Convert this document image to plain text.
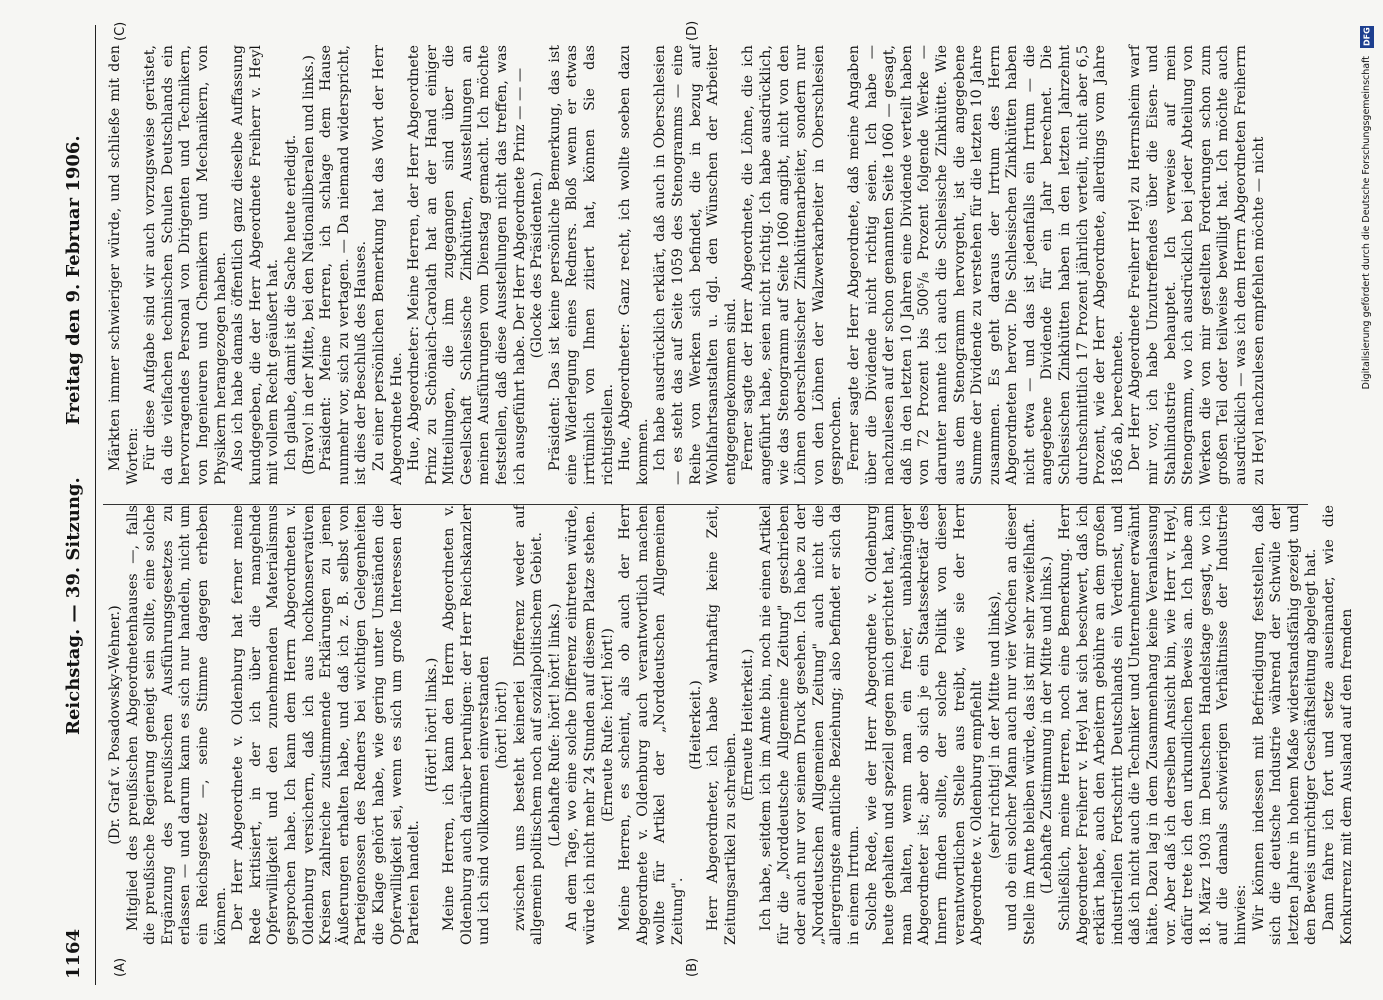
1164
Reichstag. — 39. Sitzung.
Freitag den 9. Februar 1906.
(A)	(B)
(C)	(D)

(Dr. Graf v. Posadowsky-Wehner.) Mitglied des preußischen Abgeordnetenhauses —, falls die preußische Regierung geneigt sein sollte, eine solche Ergänzung des preußischen Ausführungsgesetzes zu erlassen — und darum kann es sich nur handeln, nicht um ein Reichsgesetz —, seine Stimme dagegen erheben können. Der Herr Abgeordnete v. Oldenburg hat ferner meine Rede kritisiert, in der ich über die mangelnde Opferwilligkeit und den zunehmenden Materialismus gesprochen habe. Ich kann dem Herrn Abgeordneten v. Oldenburg versichern, daß ich aus hochkonservativen Kreisen zahlreiche zustimmende Erklärungen zu jenen Äußerungen erhalten habe, und daß ich z. B. selbst von Parteigenossen des Redners bei wichtigen Gelegenheiten die Klage gehört habe, wie gering unter Umständen die Opferwilligkeit sei, wenn es sich um große Interessen der Parteien handelt.

(Hört! hört! links.) Meine Herren, ich kann den Herrn Abgeordneten v. Oldenburg auch darüber beruhigen: der Herr Reichskanzler und ich sind vollkommen einverstanden (hört! hört!) zwischen uns besteht keinerlei Differenz weder auf allgemein politischem noch auf sozialpolitischem Gebiet. (Lebhafte Rufe: hört! hört! links.) An dem Tage, wo eine solche Differenz eintreten würde, würde ich nicht mehr 24 Stunden auf diesem Platze stehen. (Erneute Rufe: hört! hört!) Meine Herren, es scheint, als ob auch der Herr Abgeordnete v. Oldenburg auch verantwortlich machen wollte für Artikel der „Norddeutschen Allgemeinen Zeitung".

(Heiterkeit.) Herr Abgeordneter, ich habe wahrhaftig keine Zeit, Zeitungsartikel zu schreiben.

(Erneute Heiterkeit.) Ich habe, seitdem ich im Amte bin, noch nie einen Artikel für die „Norddeutsche Allgemeine Zeitung" geschrieben oder auch nur vor seinem Druck gesehen. Ich habe zu der „Norddeutschen Allgemeinen Zeitung" auch nicht die allergeringste amtliche Beziehung; also befindet er sich da in einem Irrtum. Solche Rede, wie der Herr Abgeordnete v. Oldenburg heute gehalten und speziell gegen mich gerichtet hat, kann man halten, wenn man ein freier, unabhängiger Abgeordneter ist; aber ob sich je ein Staatssekretär des Innern finden sollte, der solche Politik von dieser verantwortlichen Stelle aus treibt, wie sie der Herr Abgeordnete v. Oldenburg empfiehlt (sehr richtig! in der Mitte und links), und ob ein solcher Mann auch nur vier Wochen an dieser Stelle im Amte bleiben würde, das ist mir sehr zweifelhaft. (Lebhafte Zustimmung in der Mitte und links.) Schließlich, meine Herren, noch eine Bemerkung. Herr Abgeordneter Freiherr v. Heyl hat sich beschwert, daß ich erklärt habe, auch den Arbeitern gebühre an dem großen industriellen Fortschritt Deutschlands ein Verdienst, und daß ich nicht auch die Techniker und Unternehmer erwähnt hätte. Dazu lag in dem Zusammenhang keine Veranlassung vor. Aber daß ich derselben Ansicht bin, wie Herr v. Heyl, dafür trete ich den urkundlichen Beweis an. Ich habe am 18. März 1903 im Deutschen Handelstage gesagt, wo ich auf die damals schwierigen Verhältnisse der Industrie hinwies: Wir können indessen mit Befriedigung feststellen, daß sich die deutsche Industrie während der Schwüle der letzten Jahre in hohem Maße widerstandsfähig gezeigt und den Beweis unrichtiger Geschäftsleitung abgelegt hat. Dann fahre ich fort und setze auseinander, wie die Konkurrenz mit dem Ausland auf den fremden

Märkten immer schwieriger würde, und schließe mit den Worten: Für diese Aufgabe sind wir auch vorzugsweise gerüstet, da die vielfachen technischen Schulen Deutschlands ein hervorragendes Personal von Dirigenten und Technikern, von Ingenieuren und Chemikern und Mechanikern, von Physikern herangezogen haben. Also ich habe damals öffentlich ganz dieselbe Auffassung kundgegeben, die der Herr Abgeordnete Freiherr v. Heyl mit vollem Recht geäußert hat. Ich glaube, damit ist die Sache heute erledigt. (Bravo! in der Mitte, bei den Nationalliberalen und links.) Präsident: Meine Herren, ich schlage dem Hause nunmehr vor, sich zu vertagen. — Da niemand widerspricht, ist dies der Beschluß des Hauses. Zu einer persönlichen Bemerkung hat das Wort der Herr Abgeordnete Hue. Hue, Abgeordneter: Meine Herren, der Herr Abgeordnete Prinz zu Schönaich-Carolath hat an der Hand einiger Mitteilungen, die ihm zugegangen sind über die Gesellschaft Schlesische Zinkhütten, Ausstellungen an meinen Ausführungen vom Dienstag gemacht. Ich möchte feststellen, daß diese Ausstellungen nicht das treffen, was ich ausgeführt habe. Der Herr Abgeordnete Prinz — — — (Glocke des Präsidenten.) Präsident: Das ist keine persönliche Bemerkung, das ist eine Widerlegung eines Redners. Bloß wenn er etwas irrtümlich von Ihnen zitiert hat, können Sie das richtigstellen. Hue, Abgeordneter: Ganz recht, ich wollte soeben dazu kommen. Ich habe ausdrücklich erklärt, daß auch in Oberschlesien — es steht das auf Seite 1059 des Stenogramms — eine Reihe von Werken sich befindet, die in bezug auf Wohlfahrtsanstalten u. dgl. den Wünschen der Arbeiter entgegengekommen sind. Ferner sagte der Herr Abgeordnete, die Löhne, die ich angeführt habe, seien nicht richtig. Ich habe ausdrücklich, wie das Stenogramm auf Seite 1060 angibt, nicht von den Löhnen oberschlesischer Zinkhüttenarbeiter, sondern nur von den Löhnen der Walzwerkarbeiter in Oberschlesien gesprochen. Ferner sagte der Herr Abgeordnete, daß meine Angaben über die Dividende nicht richtig seien. Ich habe — nachzulesen auf der schon genannten Seite 1060 — gesagt, daß in den letzten 10 Jahren eine Dividende verteilt haben von 72 Prozent bis 500⁵/₈ Prozent folgende Werke — darunter nannte ich auch die Schlesische Zinkhütte. Wie aus dem Stenogramm hervorgeht, ist die angegebene Summe der Dividende zu verstehen für die letzten 10 Jahre zusammen. Es geht daraus der Irrtum des Herrn Abgeordneten hervor. Die Schlesischen Zinkhütten haben nicht etwa — und das ist jedenfalls ein Irrtum — die angegebene Dividende für ein Jahr berechnet. Die Schlesischen Zinkhütten haben in den letzten Jahrzehnt durchschnittlich 17 Prozent jährlich verteilt, nicht aber 6,5 Prozent, wie der Herr Abgeordnete, allerdings vom Jahre 1856 ab, berechnete. Der Herr Abgeordnete Freiherr Heyl zu Herrnsheim warf mir vor, ich habe Unzutreffendes über die Eisen- und Stahlindustrie behauptet. Ich verweise auf mein Stenogramm, wo ich ausdrücklich bei jeder Abteilung von Werken die von mir gestellten Forderungen schon zum großen Teil oder teilweise bewilligt hat. Ich möchte auch ausdrücklich — was ich dem Herrn Abgeordneten Freiherrn zu Heyl nachzulesen empfehlen möchte — nicht

DFG
Digitalisierung gefördert durch die Deutsche Forschungsgemeinschaft
